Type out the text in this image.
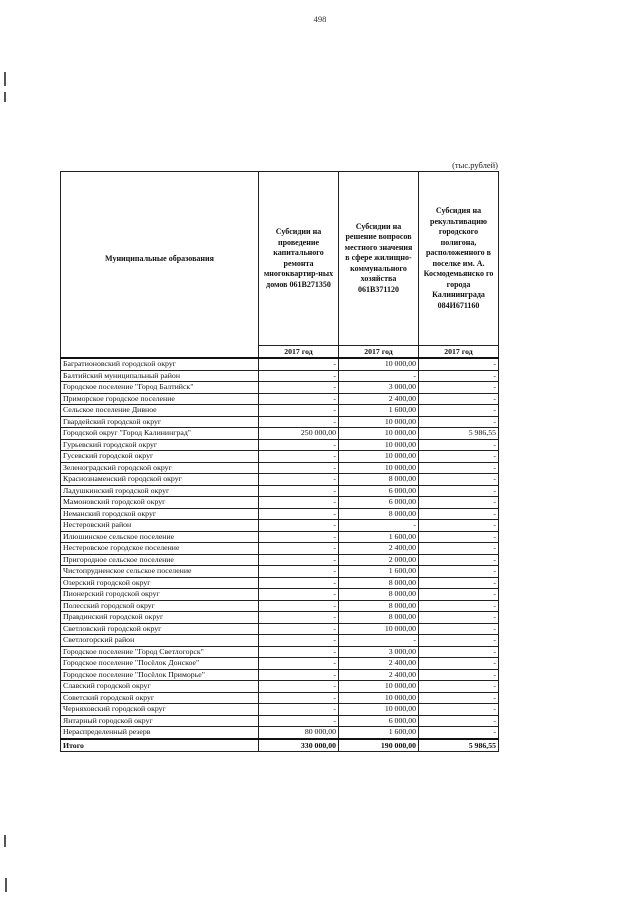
498
(тыс.рублей)
Муниципальные образования	Субсидии на проведение капитального ремонта многоквартир-ных домов 061В271350	Субсидии на решение вопросов местного значения в сфере жилищно-коммунального хозяйства 061В371120	Субсидия на рекультивацию городского полигона, расположенного в поселке им. А. Космодемьянско го города Калининграда 084И671160
	2017 год	2017 год	2017 год
Багратионовский городской округ	-	10 000,00	-
Балтийский муниципальный район	-	-	-
Городское поселение "Город Балтийск"	-	3 000,00	-
Приморское городское поселение	-	2 400,00	-
Сельское поселение Дивное	-	1 600,00	-
Гвардейский городской округ	-	10 000,00	-
Городской округ "Город Калининград"	250 000,00	10 000,00	5 986,55
Гурьевский городской округ	-	10 000,00	-
Гусевский городской округ	-	10 000,00	-
Зеленоградский городской округ	-	10 000,00	-
Краснознаменский городской округ	-	8 000,00	-
Ладушкинский городской округ	-	6 000,00	-
Мамоновский городской округ	-	6 000,00	-
Неманский городской округ	-	8 000,00	-
Нестеровский район	-	-	-
Илюшинское сельское поселение	-	1 600,00	-
Нестеровское городское поселение	-	2 400,00	-
Пригородное сельское поселение	-	2 000,00	-
Чистопрудненское сельское поселение	-	1 600,00	-
Озерский городской округ	-	8 000,00	-
Пионерский городской округ	-	8 000,00	-
Полесский городской округ	-	8 000,00	-
Правдинский городской округ	-	8 000,00	-
Светловский городской округ	-	10 000,00	-
Светлогорский район	-	-	-
Городское поселение "Город Светлогорск"	-	3 000,00	-
Городское поселение "Посёлок Донское"	-	2 400,00	-
Городское поселение "Посёлок Приморье"	-	2 400,00	-
Славский городской округ	-	10 000,00	-
Советский городской округ	-	10 000,00	-
Черняховский городской округ	-	10 000,00	-
Янтарный городской округ	-	6 000,00	-
Нераспределенный резерв	80 000,00	1 600,00	-
Итого	330 000,00	190 000,00	5 986,55
